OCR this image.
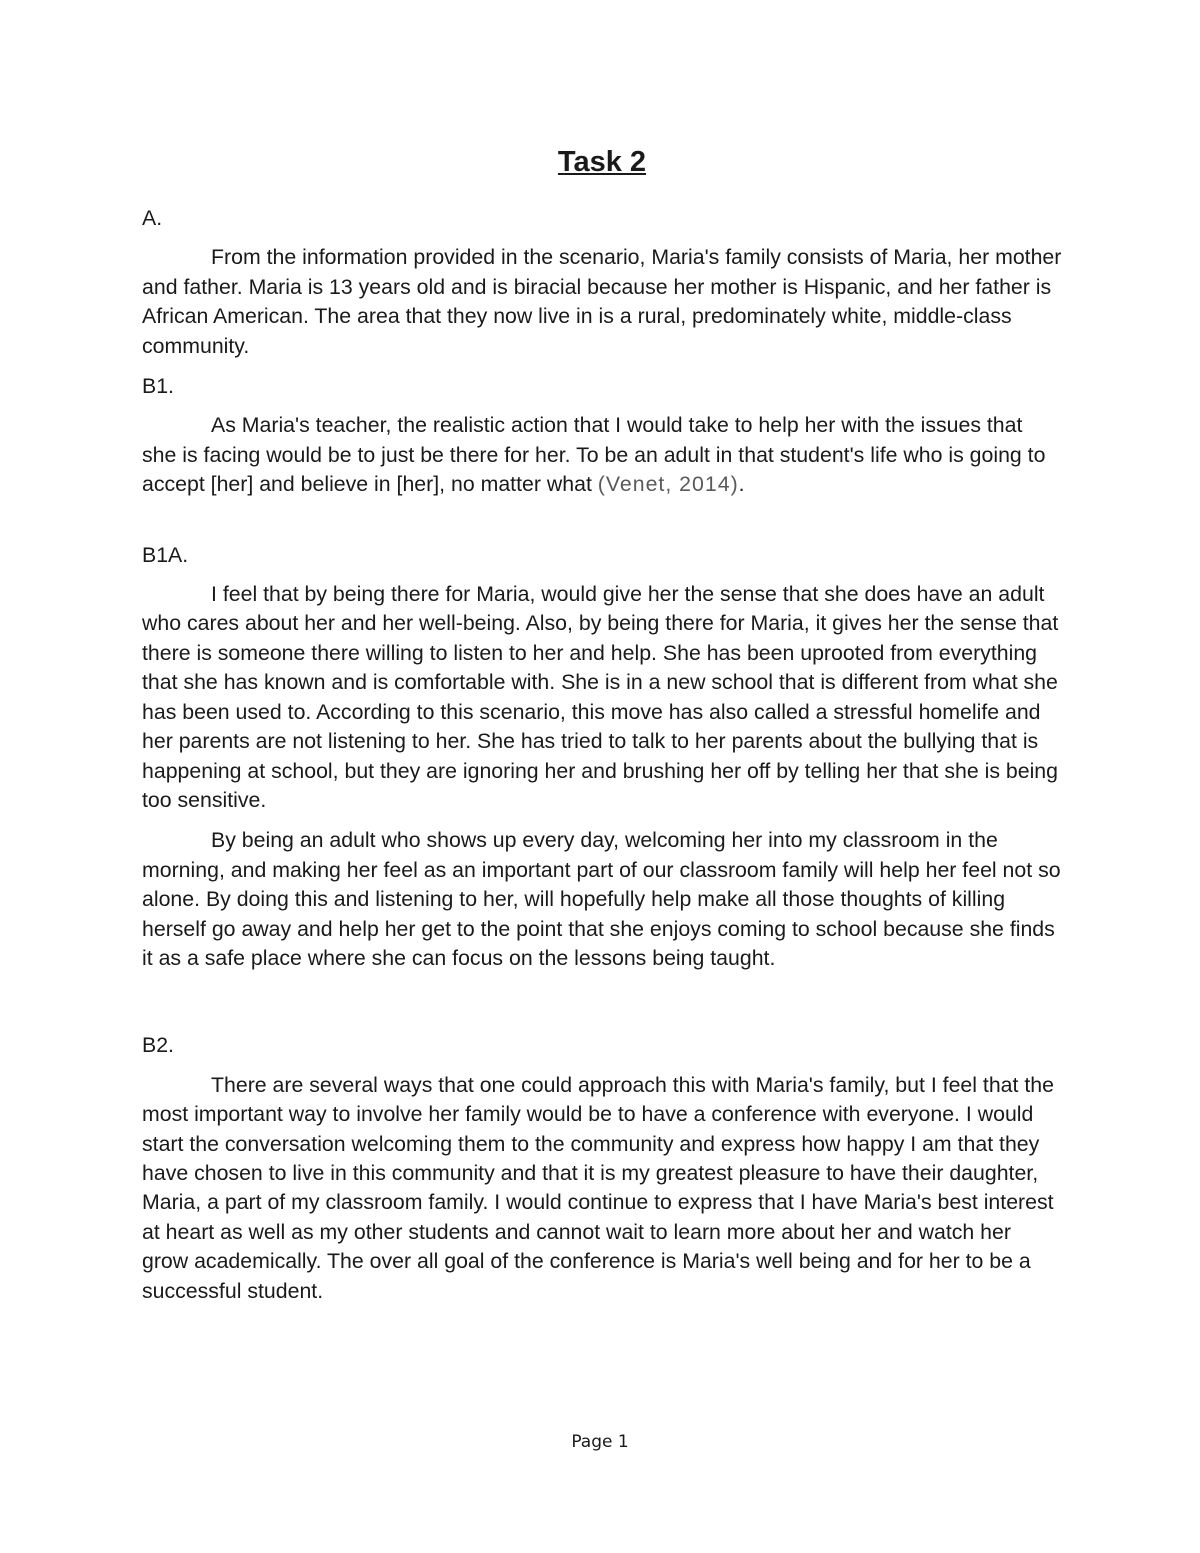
Task 2
A.

From the information provided in the scenario, Maria's family consists of Maria, her mother and father. Maria is 13 years old and is biracial because her mother is Hispanic, and her father is African American. The area that they now live in is a rural, predominately white, middle-class community.

B1.

As Maria's teacher, the realistic action that I would take to help her with the issues that she is facing would be to just be there for her. To be an adult in that student's life who is going to accept [her] and believe in [her], no matter what (Venet, 2014).

B1A.

I feel that by being there for Maria, would give her the sense that she does have an adult who cares about her and her well-being. Also, by being there for Maria, it gives her the sense that there is someone there willing to listen to her and help. She has been uprooted from everything that she has known and is comfortable with. She is in a new school that is different from what she has been used to. According to this scenario, this move has also called a stressful homelife and her parents are not listening to her. She has tried to talk to her parents about the bullying that is happening at school, but they are ignoring her and brushing her off by telling her that she is being too sensitive.

By being an adult who shows up every day, welcoming her into my classroom in the morning, and making her feel as an important part of our classroom family will help her feel not so alone. By doing this and listening to her, will hopefully help make all those thoughts of killing herself go away and help her get to the point that she enjoys coming to school because she finds it as a safe place where she can focus on the lessons being taught.

B2.

There are several ways that one could approach this with Maria's family, but I feel that the most important way to involve her family would be to have a conference with everyone. I would start the conversation welcoming them to the community and express how happy I am that they have chosen to live in this community and that it is my greatest pleasure to have their daughter, Maria, a part of my classroom family. I would continue to express that I have Maria's best interest at heart as well as my other students and cannot wait to learn more about her and watch her grow academically. The over all goal of the conference is Maria's well being and for her to be a successful student.

Page 1
